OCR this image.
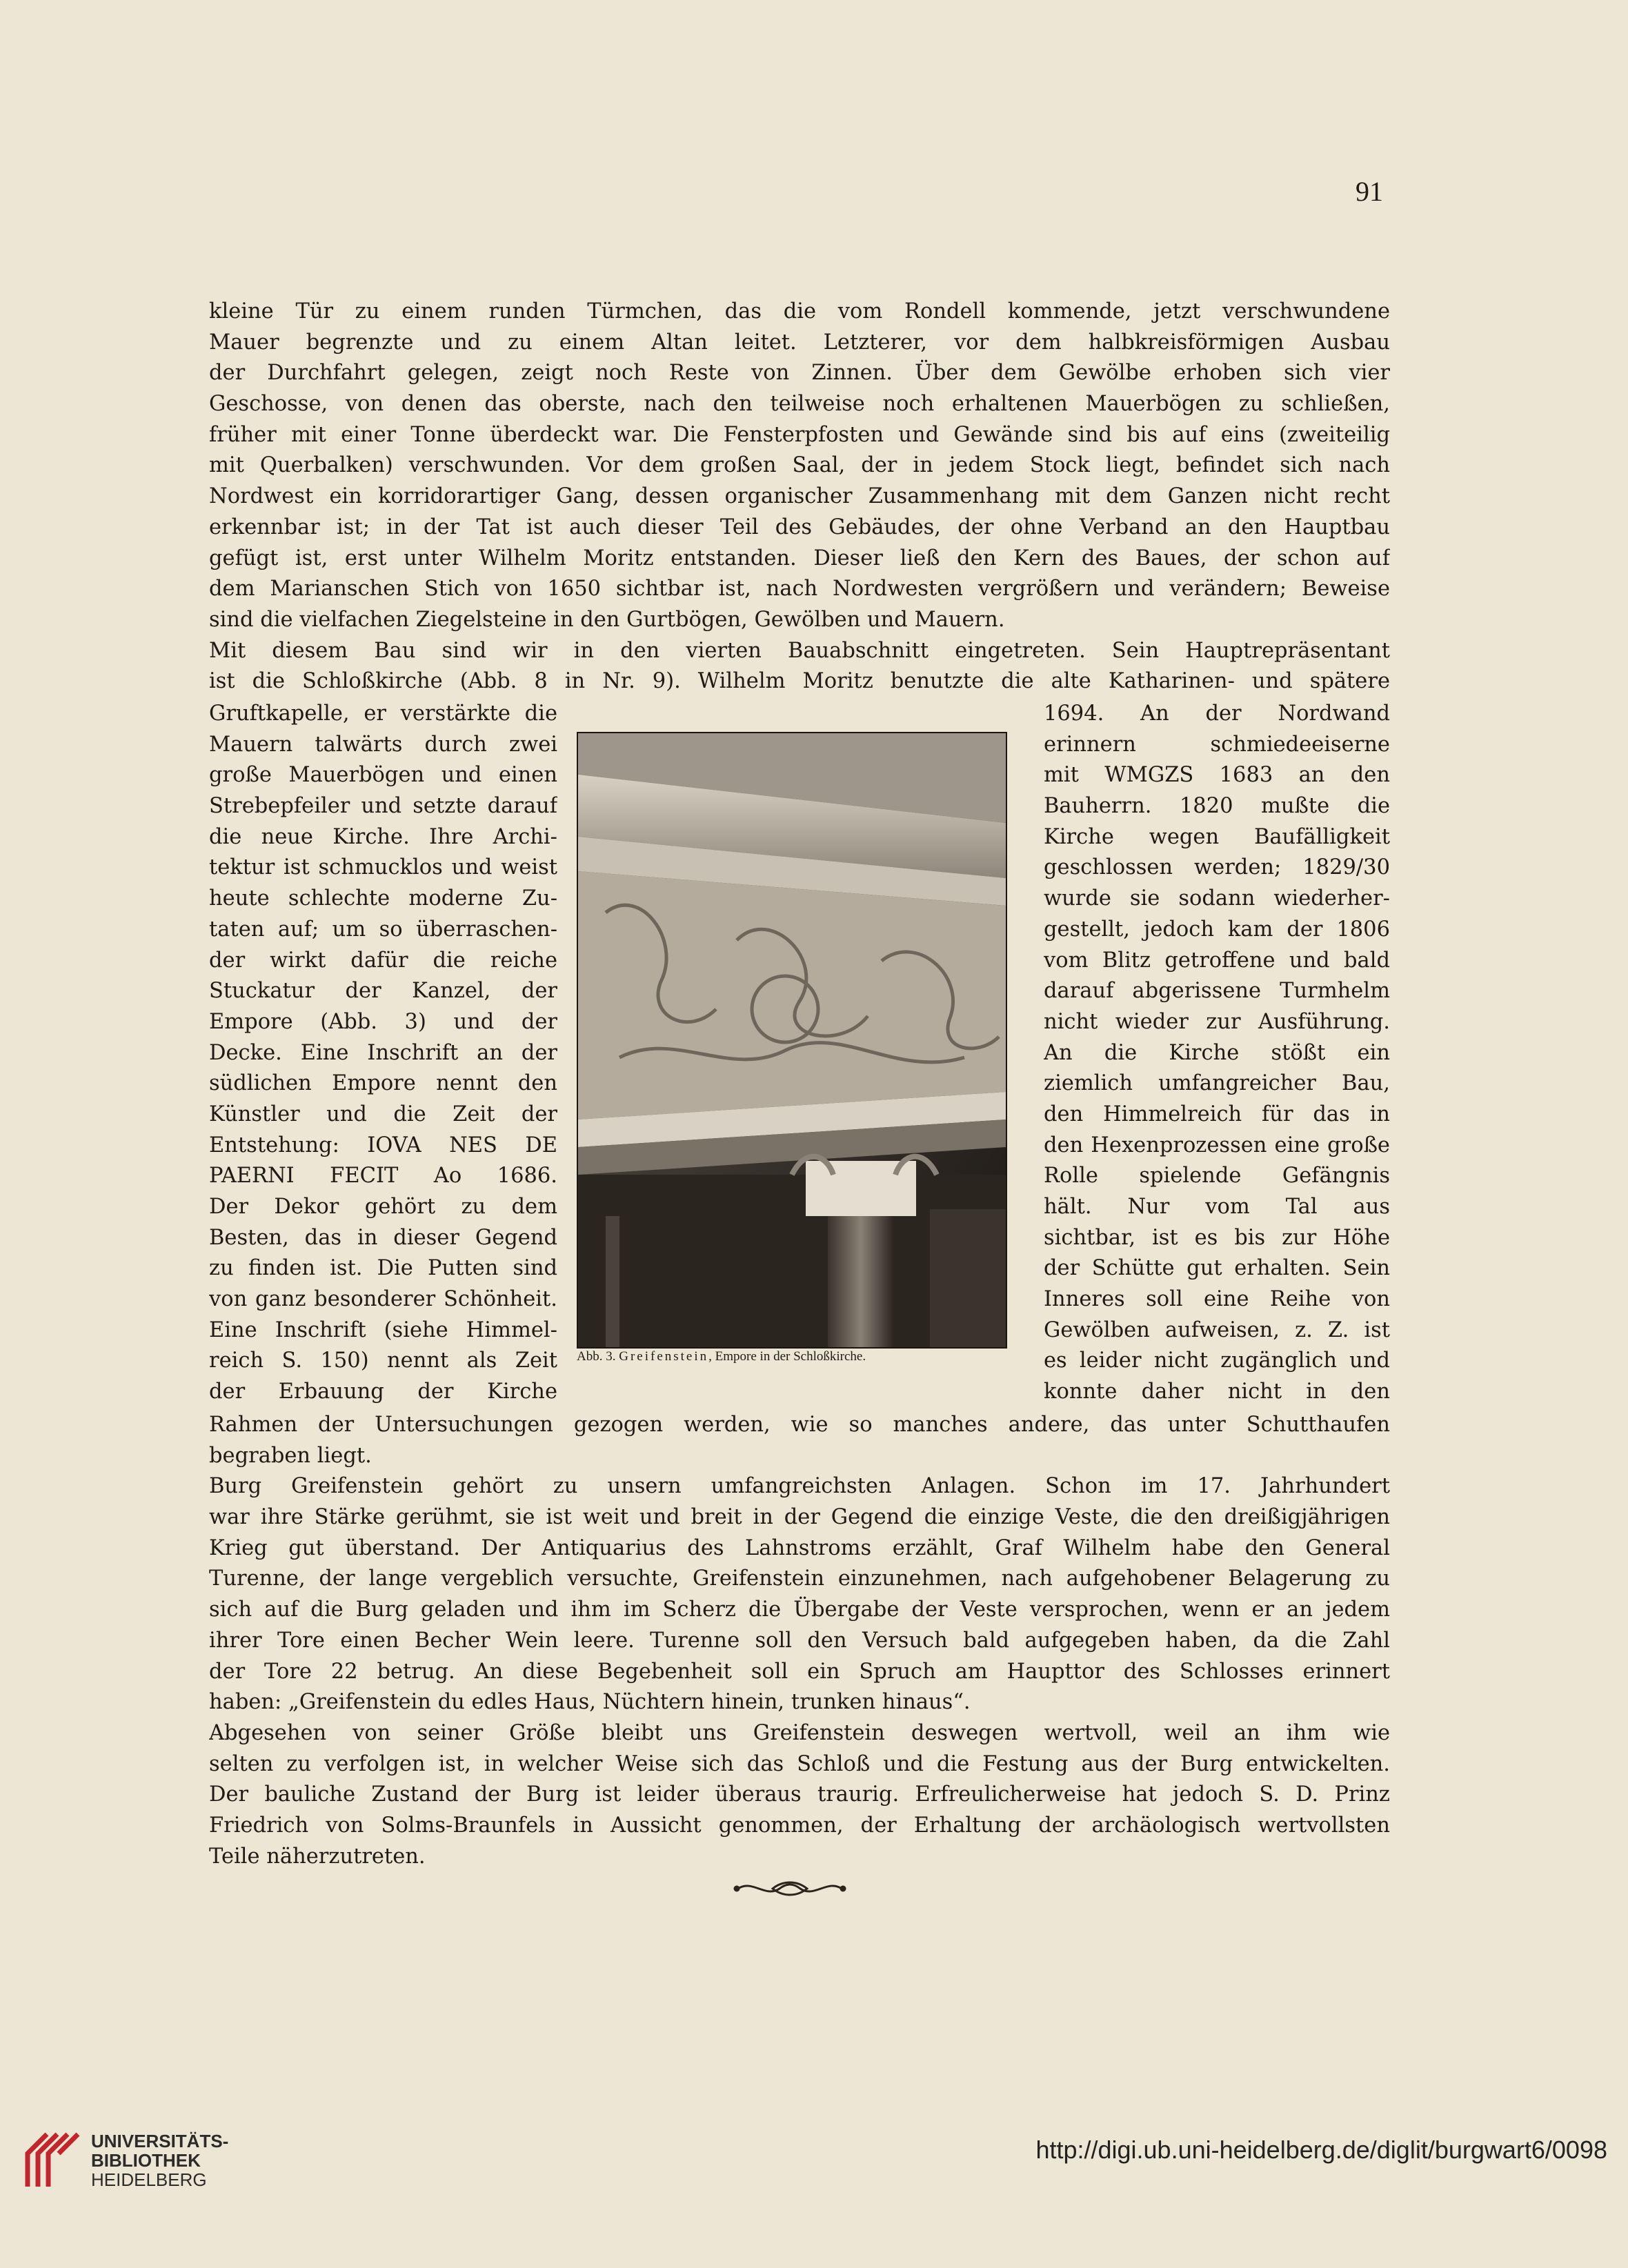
91
kleine Tür zu einem runden Türmchen, das die vom Rondell kommende, jetzt verschwundene
Mauer begrenzte und zu einem Altan leitet. Letzterer, vor dem halbkreisförmigen Ausbau
der Durchfahrt gelegen, zeigt noch Reste von Zinnen. Über dem Gewölbe erhoben sich vier
Geschosse, von denen das oberste, nach den teilweise noch erhaltenen Mauerbögen zu schließen,
früher mit einer Tonne überdeckt war. Die Fensterpfosten und Gewände sind bis auf eins (zweiteilig
mit Querbalken) verschwunden. Vor dem großen Saal, der in jedem Stock liegt, befindet sich nach
Nordwest ein korridorartiger Gang, dessen organischer Zusammenhang mit dem Ganzen nicht recht
erkennbar ist; in der Tat ist auch dieser Teil des Gebäudes, der ohne Verband an den Hauptbau
gefügt ist, erst unter Wilhelm Moritz entstanden. Dieser ließ den Kern des Baues, der schon auf
dem Marianschen Stich von 1650 sichtbar ist, nach Nordwesten vergrößern und verändern; Beweise
sind die vielfachen Ziegelsteine in den Gurtbögen, Gewölben und Mauern.
Mit diesem Bau sind wir in den vierten Bauabschnitt eingetreten. Sein Hauptrepräsentant
ist die Schloßkirche (Abb. 8 in Nr. 9). Wilhelm Moritz benutzte die alte Katharinen- und spätere
Gruftkapelle, er verstärkte die
Mauern talwärts durch zwei
große Mauerbögen und einen
Strebepfeiler und setzte darauf
die neue Kirche. Ihre Archi-
tektur ist schmucklos und weist
heute schlechte moderne Zu-
taten auf; um so überraschen-
der wirkt dafür die reiche
Stuckatur der Kanzel, der
Empore (Abb. 3) und der
Decke. Eine Inschrift an der
südlichen Empore nennt den
Künstler und die Zeit der
Entstehung: IOVA NES DE
PAERNI FECIT Ao 1686.
Der Dekor gehört zu dem
Besten, das in dieser Gegend
zu finden ist. Die Putten sind
von ganz besonderer Schönheit.
Eine Inschrift (siehe Himmel-
reich S. 150) nennt als Zeit
der Erbauung der Kirche
Abb. 3. Greifenstein, Empore in der Schloßkirche.
1694. An der Nordwand
erinnern schmiedeeiserne
mit WMGZS 1683 an den
Bauherrn. 1820 mußte die
Kirche wegen Baufälligkeit
geschlossen werden; 1829/30
wurde sie sodann wiederher-
gestellt, jedoch kam der 1806
vom Blitz getroffene und bald
darauf abgerissene Turmhelm
nicht wieder zur Ausführung.
An die Kirche stößt ein
ziemlich umfangreicher Bau,
den Himmelreich für das in
den Hexenprozessen eine große
Rolle spielende Gefängnis
hält. Nur vom Tal aus
sichtbar, ist es bis zur Höhe
der Schütte gut erhalten. Sein
Inneres soll eine Reihe von
Gewölben aufweisen, z. Z. ist
es leider nicht zugänglich und
konnte daher nicht in den
Rahmen der Untersuchungen gezogen werden, wie so manches andere, das unter Schutthaufen
begraben liegt.
Burg Greifenstein gehört zu unsern umfangreichsten Anlagen. Schon im 17. Jahrhundert
war ihre Stärke gerühmt, sie ist weit und breit in der Gegend die einzige Veste, die den dreißigjährigen
Krieg gut überstand. Der Antiquarius des Lahnstroms erzählt, Graf Wilhelm habe den General
Turenne, der lange vergeblich versuchte, Greifenstein einzunehmen, nach aufgehobener Belagerung zu
sich auf die Burg geladen und ihm im Scherz die Übergabe der Veste versprochen, wenn er an jedem
ihrer Tore einen Becher Wein leere. Turenne soll den Versuch bald aufgegeben haben, da die Zahl
der Tore 22 betrug. An diese Begebenheit soll ein Spruch am Haupttor des Schlosses erinnert
haben: „Greifenstein du edles Haus, Nüchtern hinein, trunken hinaus“.
Abgesehen von seiner Größe bleibt uns Greifenstein deswegen wertvoll, weil an ihm wie
selten zu verfolgen ist, in welcher Weise sich das Schloß und die Festung aus der Burg entwickelten.
Der bauliche Zustand der Burg ist leider überaus traurig. Erfreulicherweise hat jedoch S. D. Prinz
Friedrich von Solms-Braunfels in Aussicht genommen, der Erhaltung der archäologisch wertvollsten
Teile näherzutreten.
UNIVERSITÄTS-
BIBLIOTHEK
HEIDELBERG
http://digi.ub.uni-heidelberg.de/diglit/burgwart6/0098
